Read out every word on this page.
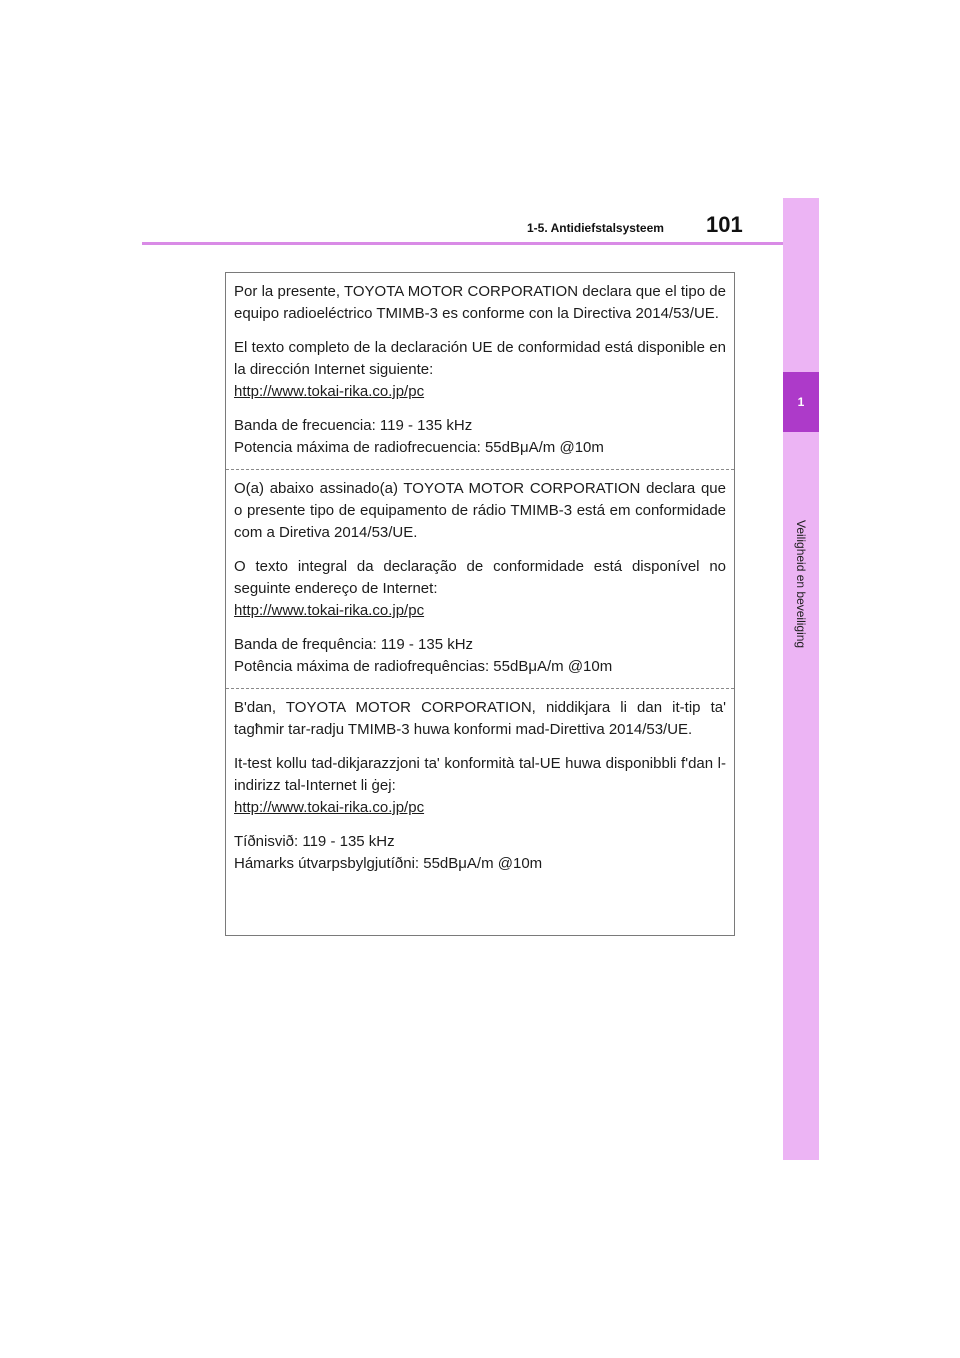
1-5. Antidiefstalsysteem 101
1
Veiligheid en beveiliging

Por la presente, TOYOTA MOTOR CORPORATION declara que el tipo de equipo radioeléctrico TMIMB-3 es conforme con la Directiva 2014/53/UE.

El texto completo de la declaración UE de conformidad está disponible en la dirección Internet siguiente:
http://www.tokai-rika.co.jp/pc

Banda de frecuencia: 119 - 135 kHz
Potencia máxima de radiofrecuencia: 55dBμA/m @10m

O(a) abaixo assinado(a) TOYOTA MOTOR CORPORATION declara que o presente tipo de equipamento de rádio TMIMB-3 está em conformidade com a Diretiva 2014/53/UE.

O texto integral da declaração de conformidade está disponível no seguinte endereço de Internet:
http://www.tokai-rika.co.jp/pc

Banda de frequência: 119 - 135 kHz
Potência máxima de radiofrequências: 55dBμA/m @10m

B'dan, TOYOTA MOTOR CORPORATION, niddikjara li dan it-tip ta' tagħmir tar-radju TMIMB-3 huwa konformi mad-Direttiva 2014/53/UE.

It-test kollu tad-dikjarazzjoni ta' konformità tal-UE huwa disponibbli f'dan l-indirizz tal-Internet li ġej:
http://www.tokai-rika.co.jp/pc

Tíðnisvið: 119 - 135 kHz
Hámarks útvarpsbylgjutíðni: 55dBμA/m @10m
